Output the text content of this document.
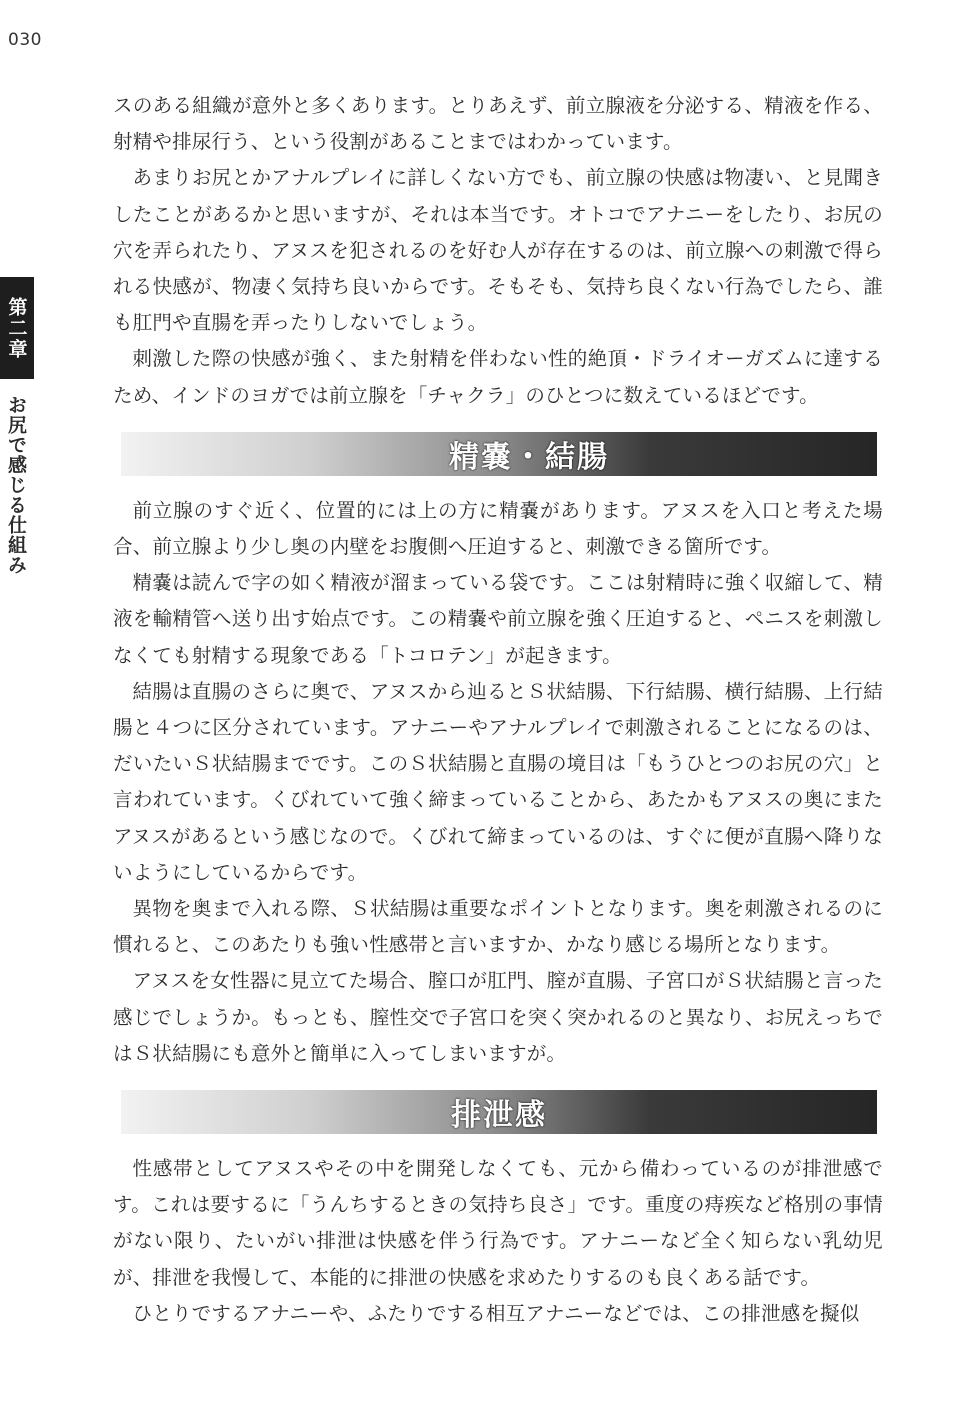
030
第二章
お尻で感じる仕組み

スのある組織が意外と多くあります。とりあえず、前立腺液を分泌する、精液を作る、射精や排尿行う、という役割があることまではわかっています。

あまりお尻とかアナルプレイに詳しくない方でも、前立腺の快感は物凄い、と見聞きしたことがあるかと思いますが、それは本当です。オトコでアナニーをしたり、お尻の穴を弄られたり、アヌスを犯されるのを好む人が存在するのは、前立腺への刺激で得られる快感が、物凄く気持ち良いからです。そもそも、気持ち良くない行為でしたら、誰も肛門や直腸を弄ったりしないでしょう。

刺激した際の快感が強く、また射精を伴わない性的絶頂・ドライオーガズムに達するため、インドのヨガでは前立腺を「チャクラ」のひとつに数えているほどです。

精嚢・結腸

前立腺のすぐ近く、位置的には上の方に精嚢があります。アヌスを入口と考えた場合、前立腺より少し奥の内壁をお腹側へ圧迫すると、刺激できる箇所です。

精嚢は読んで字の如く精液が溜まっている袋です。ここは射精時に強く収縮して、精液を輸精管へ送り出す始点です。この精嚢や前立腺を強く圧迫すると、ペニスを刺激しなくても射精する現象である「トコロテン」が起きます。

結腸は直腸のさらに奥で、アヌスから辿るとＳ状結腸、下行結腸、横行結腸、上行結腸と４つに区分されています。アナニーやアナルプレイで刺激されることになるのは、だいたいＳ状結腸までです。このＳ状結腸と直腸の境目は「もうひとつのお尻の穴」と言われています。くびれていて強く締まっていることから、あたかもアヌスの奥にまたアヌスがあるという感じなので。くびれて締まっているのは、すぐに便が直腸へ降りないようにしているからです。

異物を奥まで入れる際、Ｓ状結腸は重要なポイントとなります。奥を刺激されるのに慣れると、このあたりも強い性感帯と言いますか、かなり感じる場所となります。

アヌスを女性器に見立てた場合、膣口が肛門、膣が直腸、子宮口がＳ状結腸と言った感じでしょうか。もっとも、膣性交で子宮口を突く突かれるのと異なり、お尻えっちではＳ状結腸にも意外と簡単に入ってしまいますが。

排泄感

性感帯としてアヌスやその中を開発しなくても、元から備わっているのが排泄感です。これは要するに「うんちするときの気持ち良さ」です。重度の痔疾など格別の事情がない限り、たいがい排泄は快感を伴う行為です。アナニーなど全く知らない乳幼児が、排泄を我慢して、本能的に排泄の快感を求めたりするのも良くある話です。

ひとりでするアナニーや、ふたりでする相互アナニーなどでは、この排泄感を擬似
